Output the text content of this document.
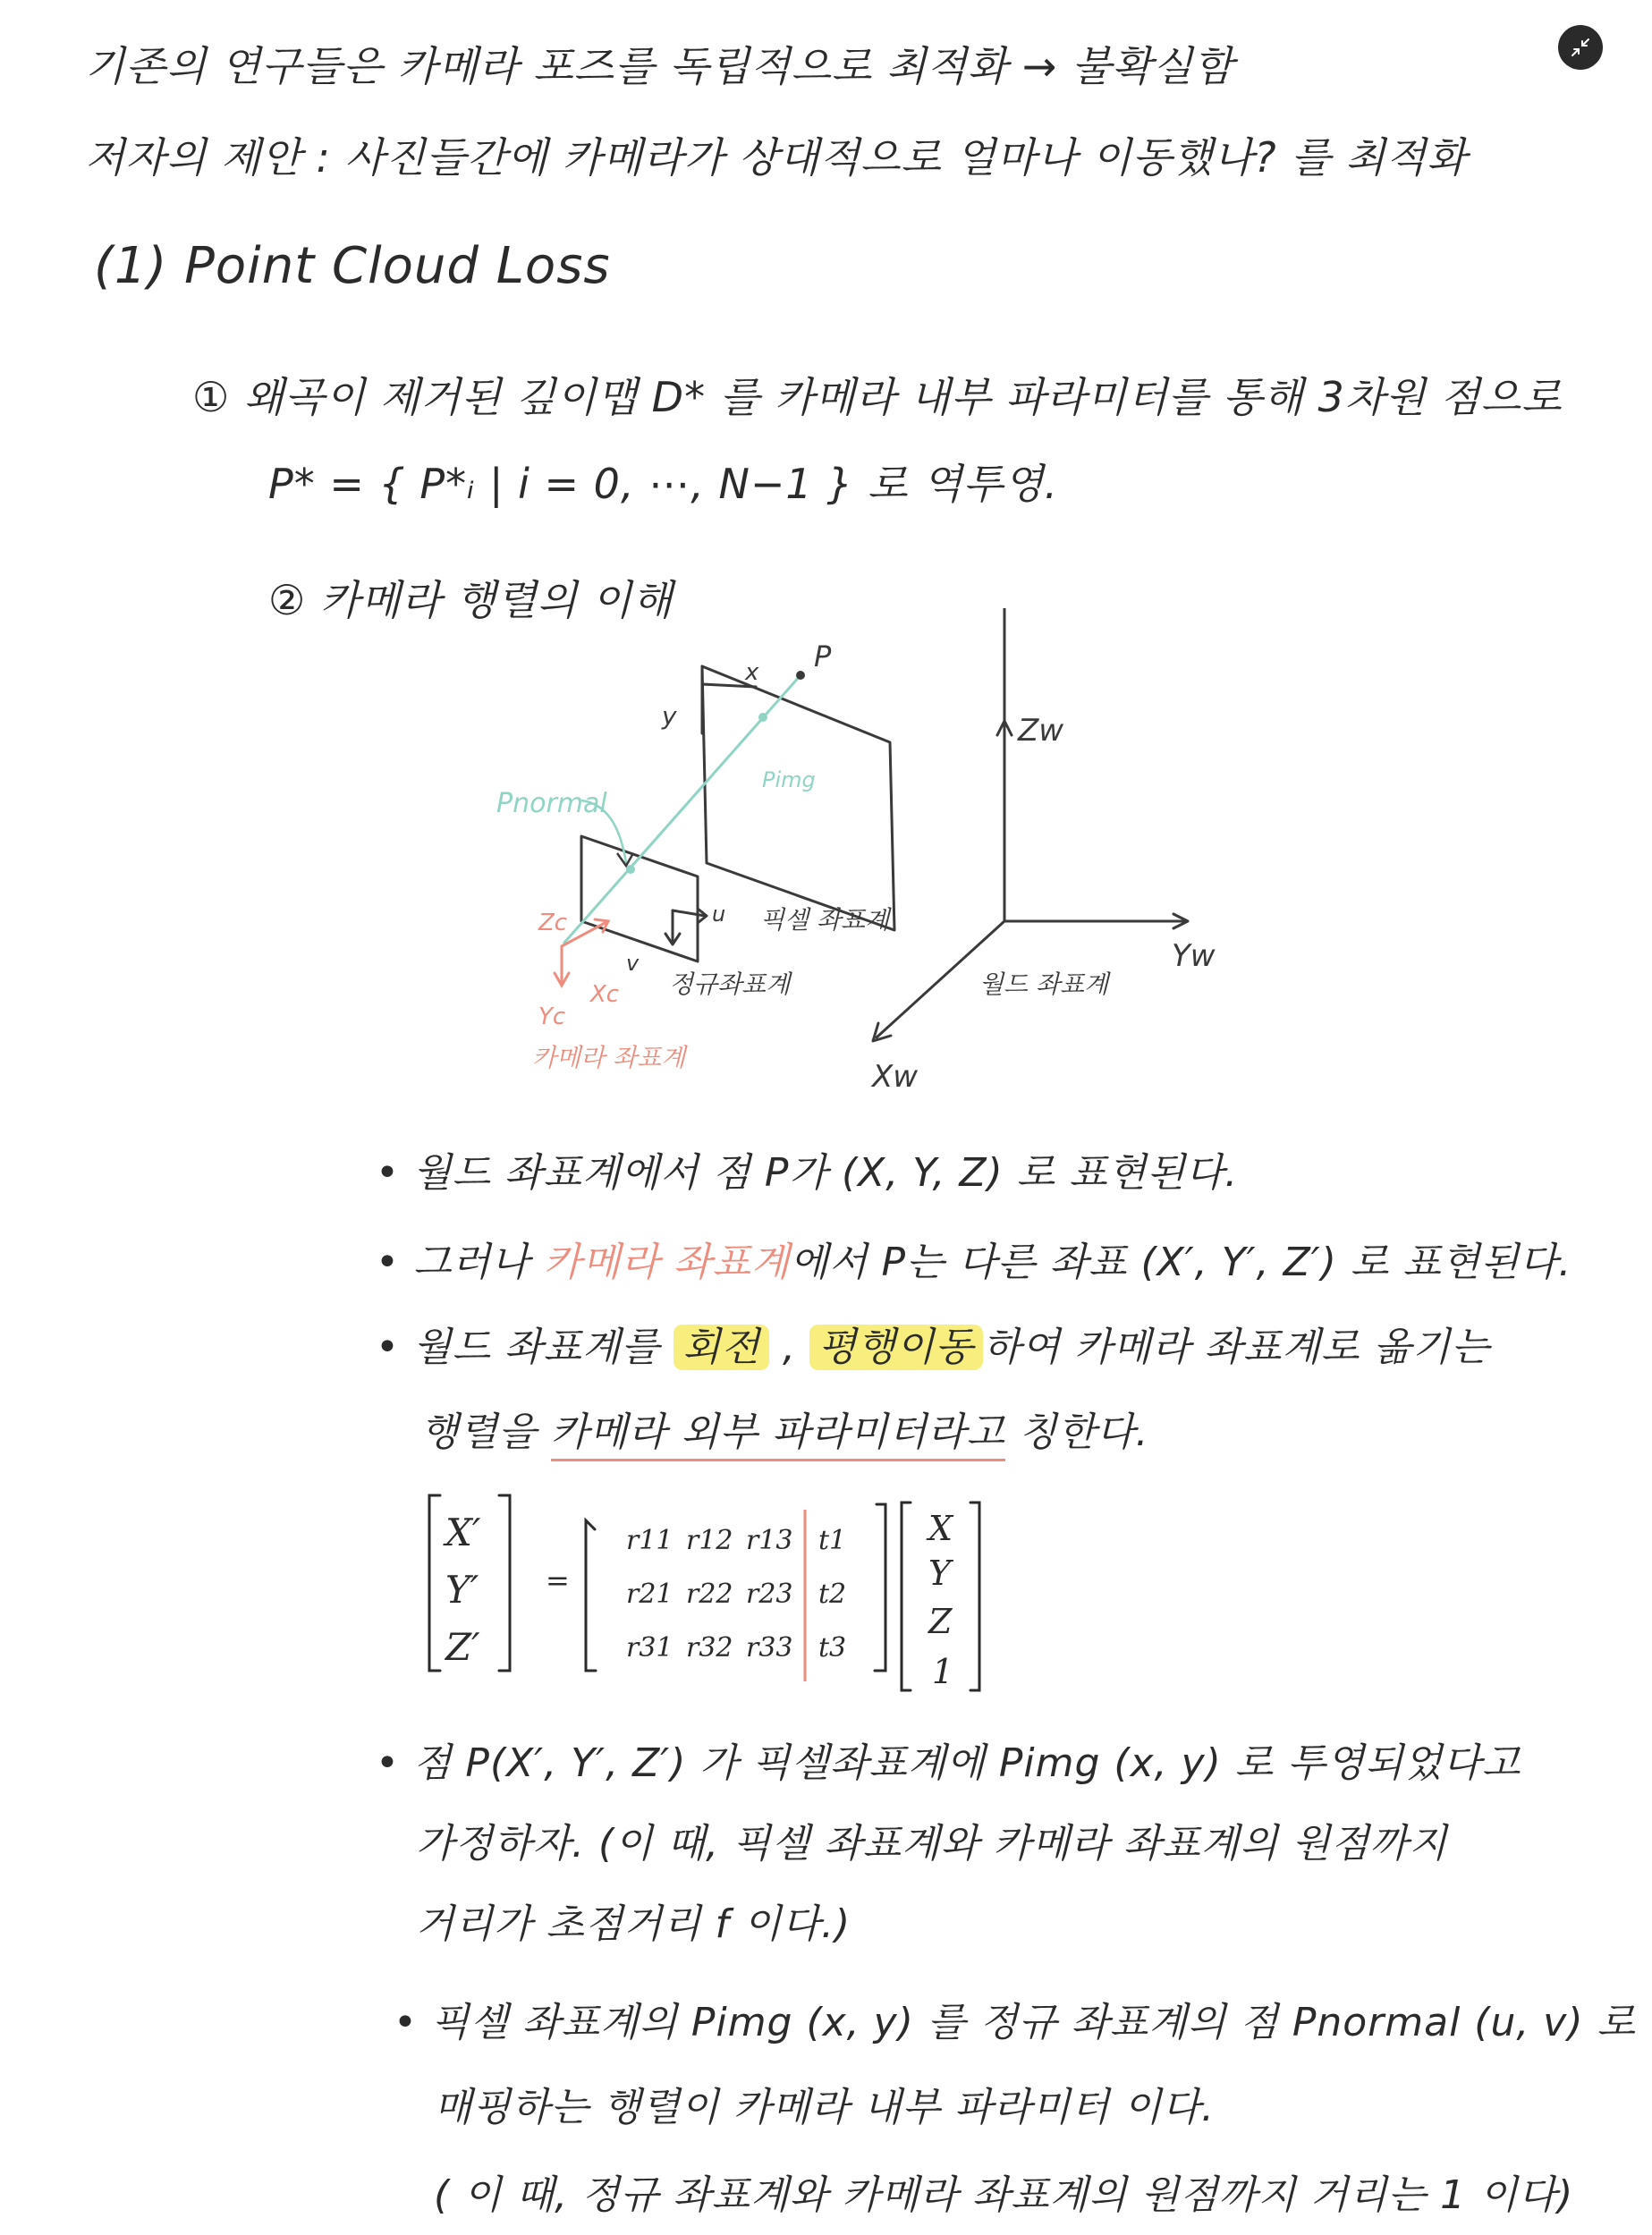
기존의 연구들은 카메라 포즈를 독립적으로 최적화 → 불확실함
저자의 제안 : 사진들간에 카메라가 상대적으로 얼마나 이동했나? 를 최적화
(1) Point Cloud Loss
① 왜곡이 제거된 깊이맵 D* 를 카메라 내부 파라미터를 통해 3차원 점으로
P* = { P*ᵢ | i = 0, ⋯, N−1 } 로 역투영.
② 카메라 행렬의 이해
P
x
y
u
v
픽셀 좌표계
정규좌표계
Zw
Yw
Xw
월드 좌표계
Pimg
Pnormal
Zc
Xc
Yc
카메라 좌표계
• 월드 좌표계에서 점 P가 (X, Y, Z) 로 표현된다.
• 그러나 카메라 좌표계에서 P는 다른 좌표 (X′, Y′, Z′) 로 표현된다.
• 월드 좌표계를 회전 , 평행이동 하여 카메라 좌표계로 옮기는
행렬을 카메라 외부 파라미터라고 칭한다.
X′
Y′
Z′
=
r11 r12 r13
r21 r22 r23
r31 r32 r33
t1
t2
t3
X
Y
Z
1
• 점 P(X′, Y′, Z′) 가 픽셀좌표계에 Pimg (x, y) 로 투영되었다고
가정하자. (이 때, 픽셀 좌표계와 카메라 좌표계의 원점까지
거리가 초점거리 f 이다.)
• 픽셀 좌표계의 Pimg (x, y) 를 정규 좌표계의 점 Pnormal (u, v) 로
매핑하는 행렬이 카메라 내부 파라미터 이다.
( 이 때, 정규 좌표계와 카메라 좌표계의 원점까지 거리는 1 이다)
